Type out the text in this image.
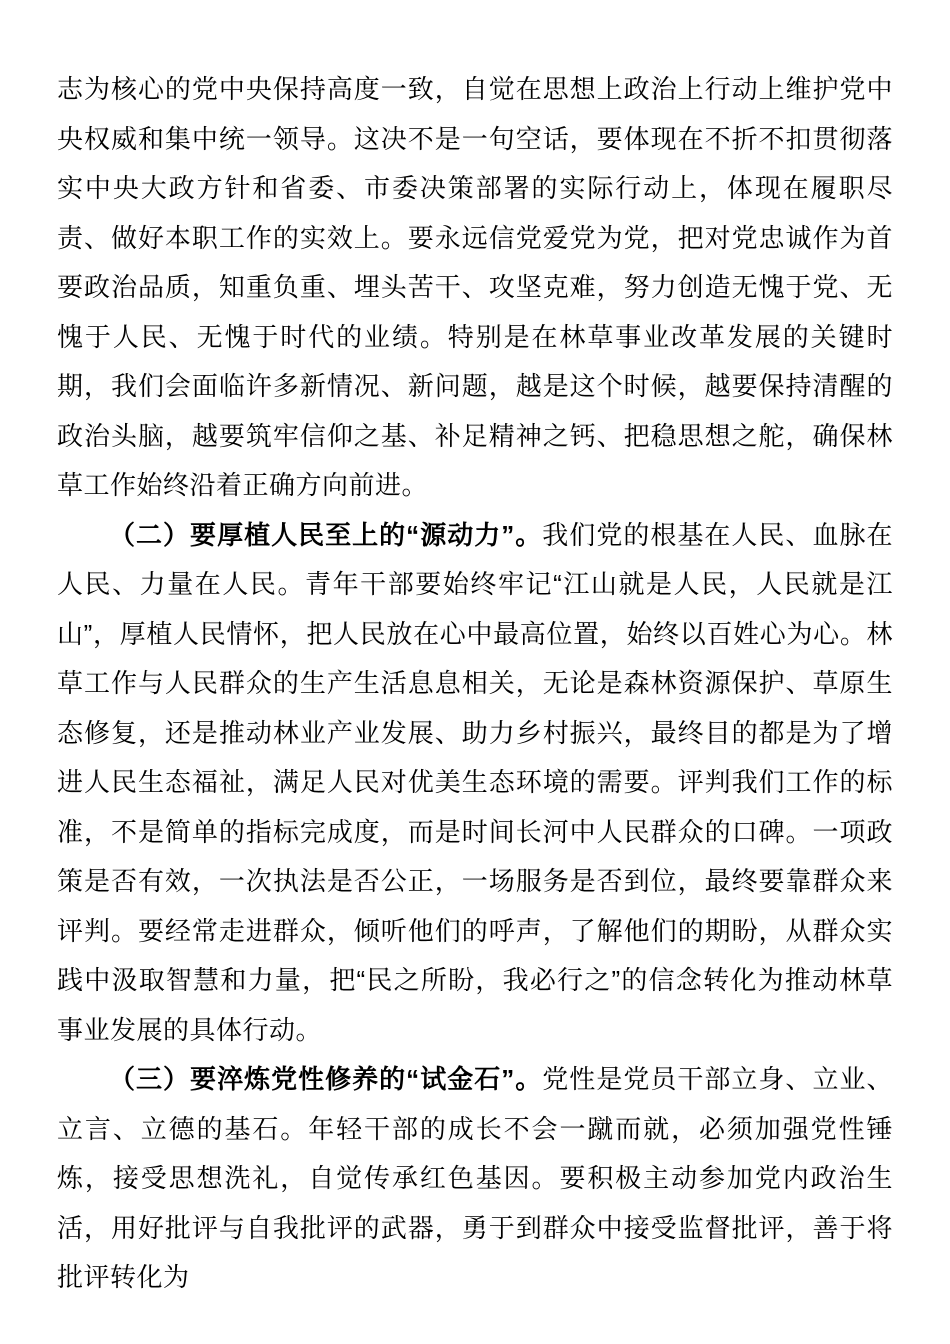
志为核心的党中央保持高度一致，自觉在思想上政治上行动上维护党中央权威和集中统一领导。这决不是一句空话，要体现在不折不扣贯彻落实中央大政方针和省委、市委决策部署的实际行动上，体现在履职尽责、做好本职工作的实效上。要永远信党爱党为党，把对党忠诚作为首要政治品质，知重负重、埋头苦干、攻坚克难，努力创造无愧于党、无愧于人民、无愧于时代的业绩。特别是在林草事业改革发展的关键时期，我们会面临许多新情况、新问题，越是这个时候，越要保持清醒的政治头脑，越要筑牢信仰之基、补足精神之钙、把稳思想之舵，确保林草工作始终沿着正确方向前进。

（二）要厚植人民至上的“源动力”。我们党的根基在人民、血脉在人民、力量在人民。青年干部要始终牢记“江山就是人民，人民就是江山”，厚植人民情怀，把人民放在心中最高位置，始终以百姓心为心。林草工作与人民群众的生产生活息息相关，无论是森林资源保护、草原生态修复，还是推动林业产业发展、助力乡村振兴，最终目的都是为了增进人民生态福祉，满足人民对优美生态环境的需要。评判我们工作的标准，不是简单的指标完成度，而是时间长河中人民群众的口碑。一项政策是否有效，一次执法是否公正，一场服务是否到位，最终要靠群众来评判。要经常走进群众，倾听他们的呼声，了解他们的期盼，从群众实践中汲取智慧和力量，把“民之所盼，我必行之”的信念转化为推动林草事业发展的具体行动。

（三）要淬炼党性修养的“试金石”。党性是党员干部立身、立业、立言、立德的基石。年轻干部的成长不会一蹴而就，必须加强党性锤炼，接受思想洗礼，自觉传承红色基因。要积极主动参加党内政治生活，用好批评与自我批评的武器，勇于到群众中接受监督批评，善于将批评转化为
